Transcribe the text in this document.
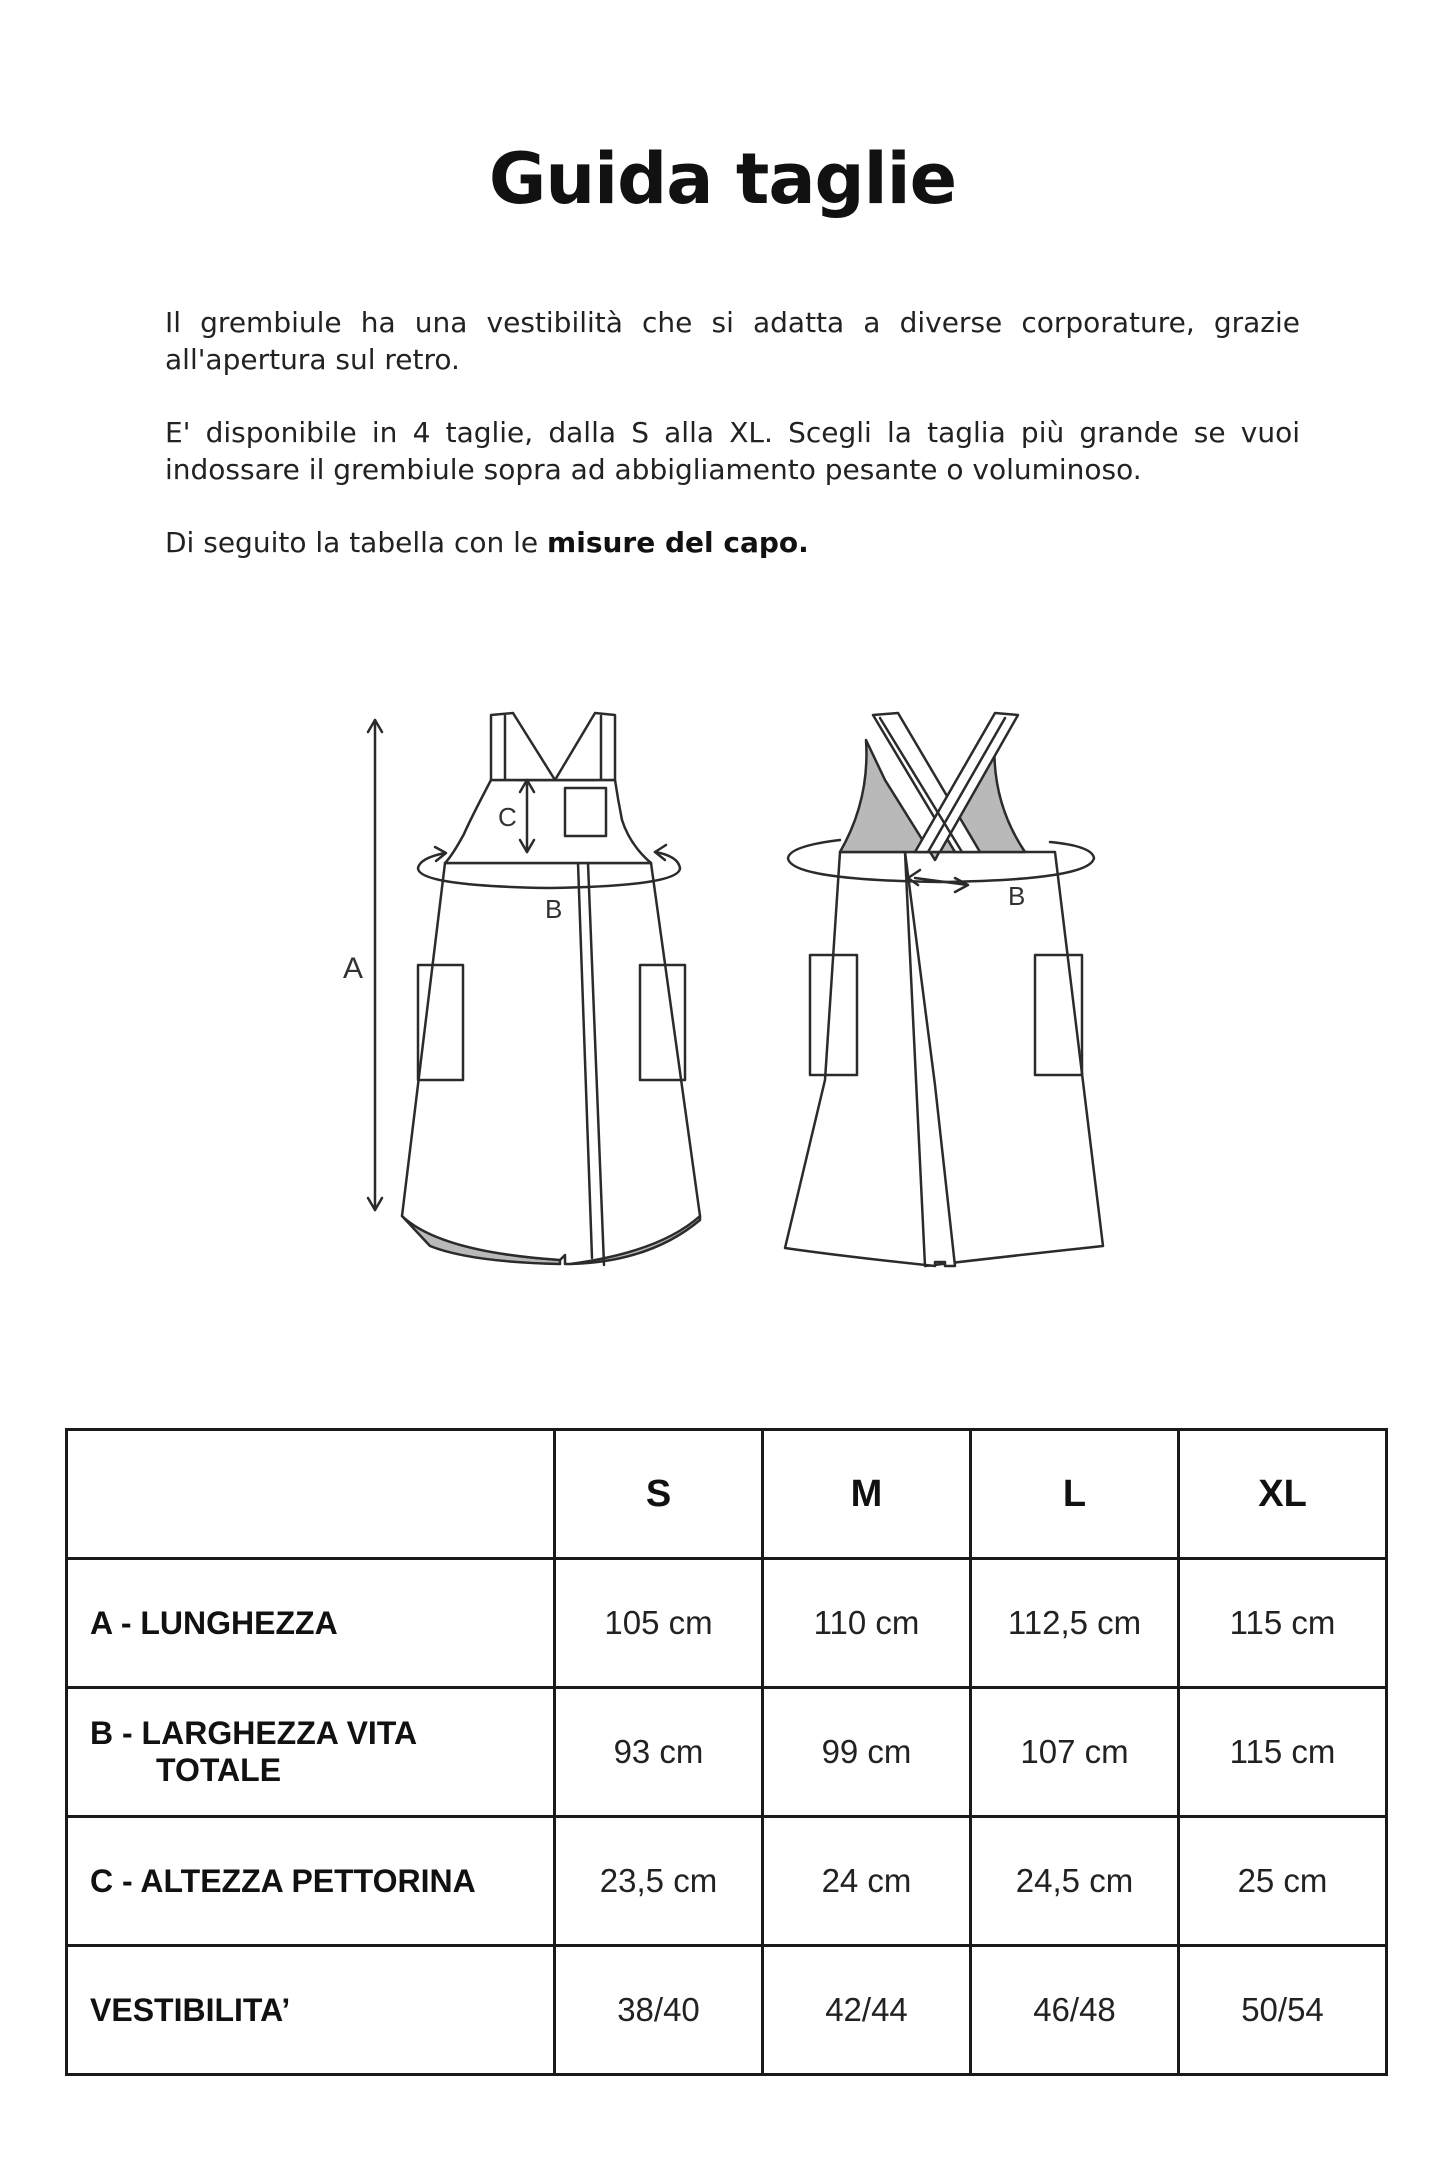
Guida taglie

Il grembiule ha una vestibilità che si adatta a diverse corporature, grazie all'apertura sul retro.

E' disponibile in 4 taglie, dalla S alla XL. Scegli la taglia più grande se vuoi indossare il grembiule sopra ad abbigliamento pesante o voluminoso.

Di seguito la tabella con le misure del capo.

A
C
B	B
	S	M	L	XL

A - LUNGHEZZA	105 cm	110 cm	112,5 cm	115 cm

B - LARGHEZZA VITA
TOTALE	93 cm	99 cm	107 cm	115 cm

C - ALTEZZA PETTORINA	23,5 cm	24 cm	24,5 cm	25 cm

VESTIBILITA’	38/40	42/44	46/48	50/54
